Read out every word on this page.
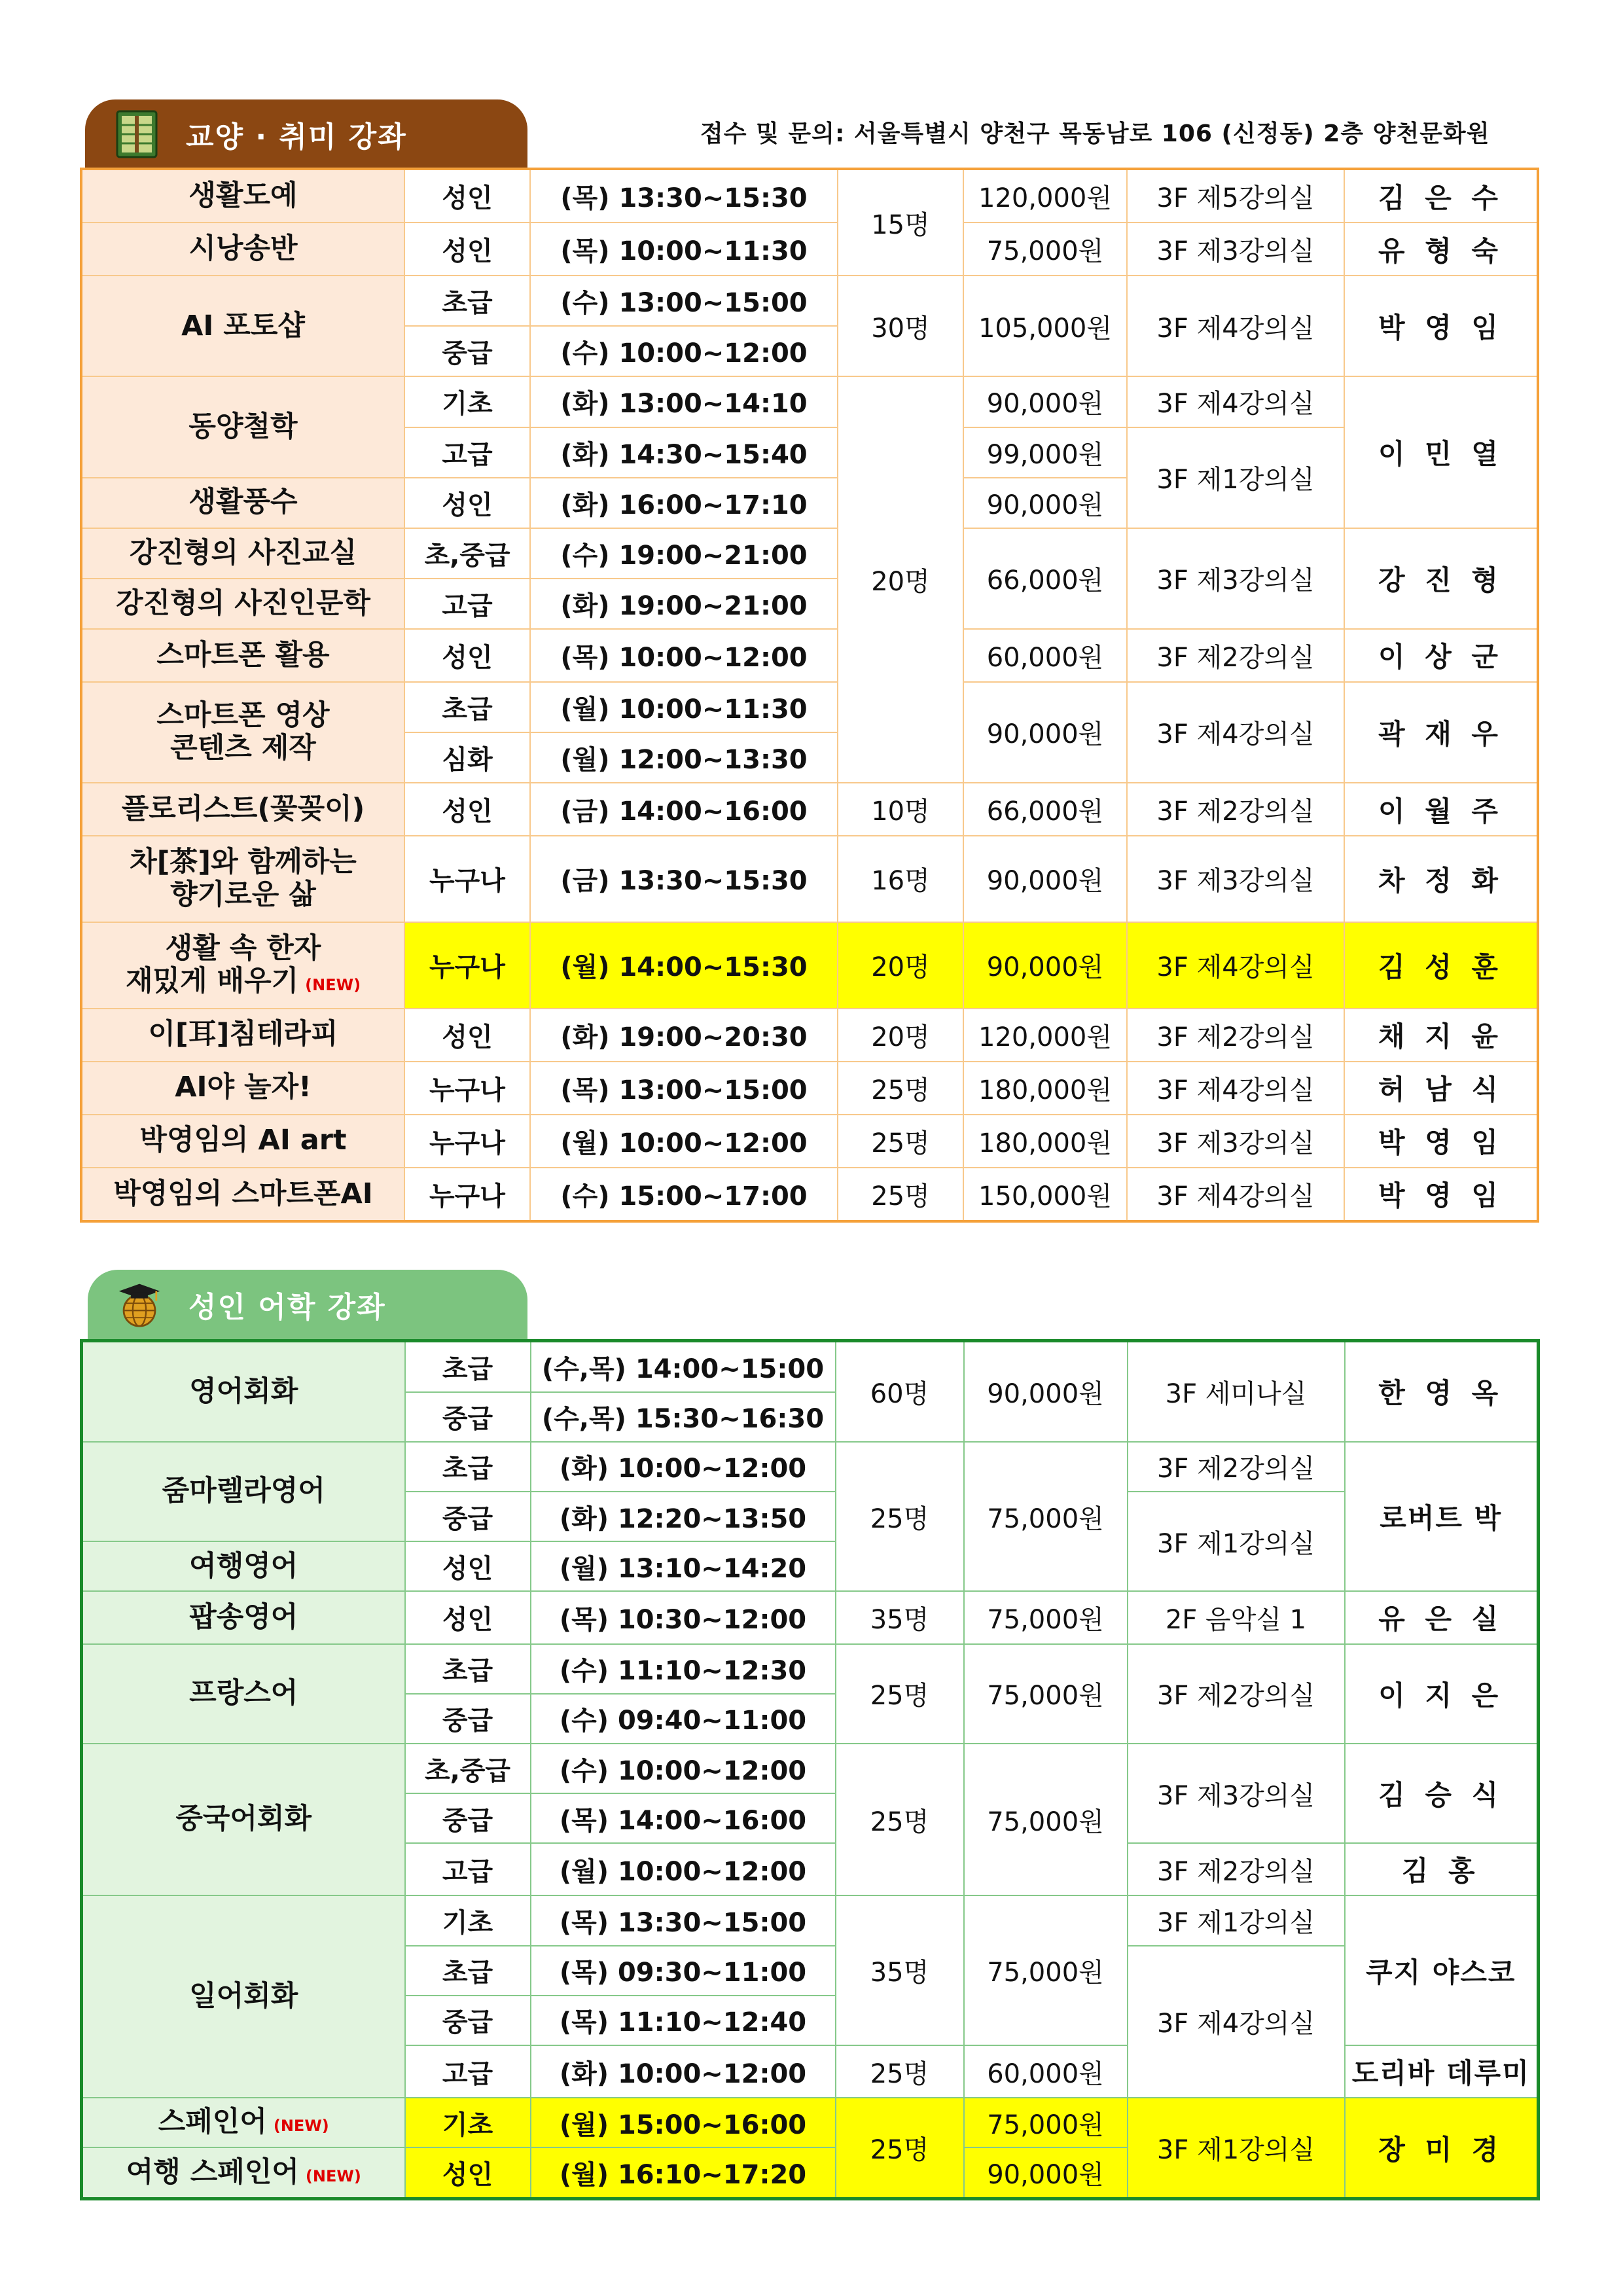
교양 · 취미 강좌	접수 및 문의: 서울특별시 양천구 목동남로 106 (신정동) 2층 양천문화원
생활도예	성인	(목) 13:30~15:30	15명	120,000원	3F 제5강의실	김 은 수
시낭송반	성인	(목) 10:00~11:30		75,000원	3F 제3강의실	유 형 숙
AI 포토샵	초급	(수) 13:00~15:00	30명	105,000원	3F 제4강의실	박 영 임
	중급	(수) 10:00~12:00				
동양철학	기초	(화) 13:00~14:10	20명	90,000원	3F 제4강의실	이 민 열
	고급	(화) 14:30~15:40		99,000원	3F 제1강의실	
생활풍수	성인	(화) 16:00~17:10		90,000원		
강진형의 사진교실	초,중급	(수) 19:00~21:00		66,000원	3F 제3강의실	강 진 형
강진형의 사진인문학	고급	(화) 19:00~21:00				
스마트폰 활용	성인	(목) 10:00~12:00		60,000원	3F 제2강의실	이 상 군
스마트폰 영상
콘텐츠 제작	초급	(월) 10:00~11:30		90,000원	3F 제4강의실	곽 재 우
	심화	(월) 12:00~13:30				
플로리스트(꽃꽂이)	성인	(금) 14:00~16:00	10명	66,000원	3F 제2강의실	이 월 주
차[茶]와 함께하는
향기로운 삶	누구나	(금) 13:30~15:30	16명	90,000원	3F 제3강의실	차 정 화
생활 속 한자
재밌게 배우기 (NEW)	누구나	(월) 14:00~15:30	20명	90,000원	3F 제4강의실	김 성 훈
이[耳]침테라피	성인	(화) 19:00~20:30	20명	120,000원	3F 제2강의실	채 지 윤
AI야 놀자!	누구나	(목) 13:00~15:00	25명	180,000원	3F 제4강의실	허 남 식
박영임의 AI art	누구나	(월) 10:00~12:00	25명	180,000원	3F 제3강의실	박 영 임
박영임의 스마트폰AI	누구나	(수) 15:00~17:00	25명	150,000원	3F 제4강의실	박 영 임
성인 어학 강좌
영어회화	초급	(수,목) 14:00~15:00	60명	90,000원	3F 세미나실	한 영 옥
	중급	(수,목) 15:30~16:30				
줌마렐라영어	초급	(화) 10:00~12:00	25명	75,000원	3F 제2강의실	로버트 박
	중급	(화) 12:20~13:50			3F 제1강의실	
여행영어	성인	(월) 13:10~14:20				
팝송영어	성인	(목) 10:30~12:00	35명	75,000원	2F 음악실 1	유 은 실
프랑스어	초급	(수) 11:10~12:30	25명	75,000원	3F 제2강의실	이 지 은
	중급	(수) 09:40~11:00				
중국어회화	초,중급	(수) 10:00~12:00	25명	75,000원	3F 제3강의실	김 승 식
	중급	(목) 14:00~16:00				
	고급	(월) 10:00~12:00			3F 제2강의실	김 홍
일어회화	기초	(목) 13:30~15:00	35명	75,000원	3F 제1강의실	쿠지 야스코
	초급	(목) 09:30~11:00			3F 제4강의실	
	중급	(목) 11:10~12:40				
	고급	(화) 10:00~12:00	25명	60,000원		도리바 데루미
스페인어 (NEW)	기초	(월) 15:00~16:00	25명	75,000원	3F 제1강의실	장 미 경
여행 스페인어 (NEW)	성인	(월) 16:10~17:20		90,000원		
